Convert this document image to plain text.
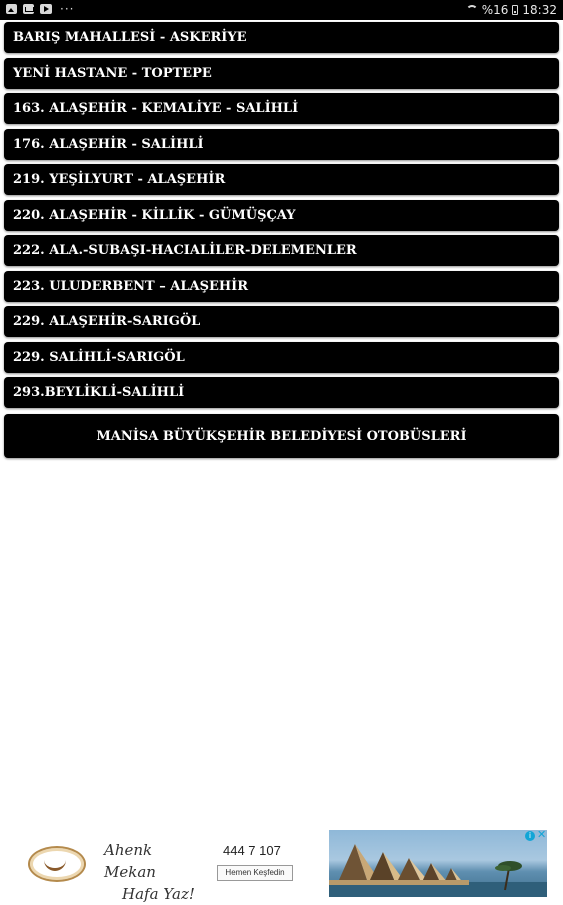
···	%16 18:32
BARIŞ MAHALLESİ - ASKERİYE
YENİ HASTANE - TOPTEPE
163. ALAŞEHİR - KEMALİYE - SALİHLİ
176. ALAŞEHİR - SALİHLİ
219. YEŞİLYURT - ALAŞEHİR
220. ALAŞEHİR - KİLLİK - GÜMÜŞÇAY
222. ALA.-SUBAŞI-HACIALİLER-DELEMENLER
223. ULUDERBENT – ALAŞEHİR
229. ALAŞEHİR-SARIGÖL
229. SALİHLİ-SARIGÖL
293.BEYLİKLİ-SALİHLİ
MANİSA BÜYÜKŞEHİR BELEDİYESİ OTOBÜSLERİ
Ahenk Mekan
Hafa Yaz!
444 7 107
Hemen Keşfedin
i ✕
